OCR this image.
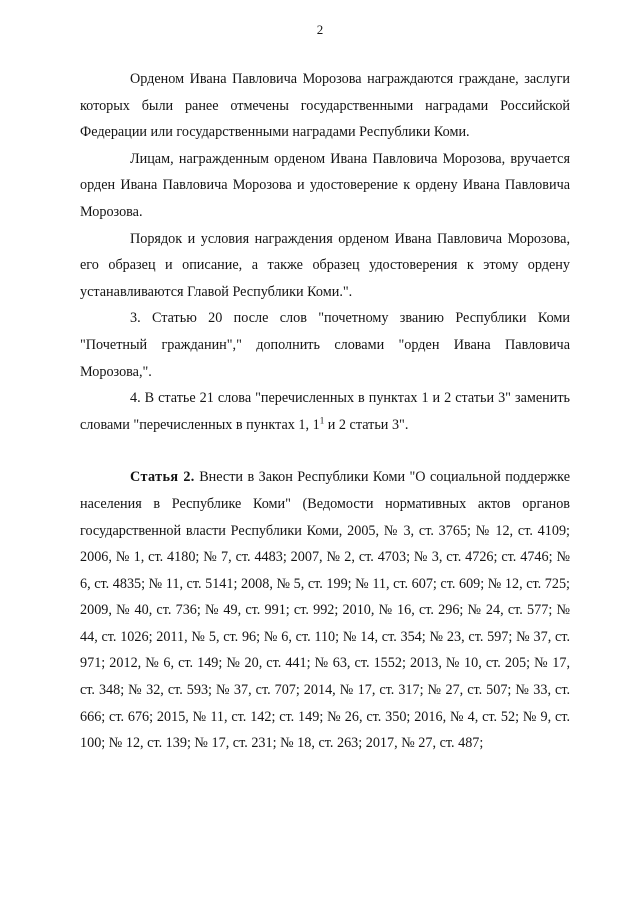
2

Орденом Ивана Павловича Морозова награждаются граждане, заслуги которых были ранее отмечены государственными наградами Российской Федерации или государственными наградами Республики Коми.

Лицам, награжденным орденом Ивана Павловича Морозова, вручается орден Ивана Павловича Морозова и удостоверение к ордену Ивана Павловича Морозова.

Порядок и условия награждения орденом Ивана Павловича Морозова, его образец и описание, а также образец удостоверения к этому ордену устанавливаются Главой Республики Коми.".

3. Статью 20 после слов "почетному званию Республики Коми "Почетный гражданин"," дополнить словами "орден Ивана Павловича Морозова,".

4. В статье 21 слова "перечисленных в пунктах 1 и 2 статьи 3" заменить словами "перечисленных в пунктах 1, $1^1$ и 2 статьи 3".

Статья 2. Внести в Закон Республики Коми "О социальной поддержке населения в Республике Коми" (Ведомости нормативных актов органов государственной власти Республики Коми, 2005, № 3, ст. 3765; № 12, ст. 4109; 2006, № 1, ст. 4180; № 7, ст. 4483; 2007, № 2, ст. 4703; № 3, ст. 4726; ст. 4746; № 6, ст. 4835; № 11, ст. 5141; 2008, № 5, ст. 199; № 11, ст. 607; ст. 609; № 12, ст. 725; 2009, № 40, ст. 736; № 49, ст. 991; ст. 992; 2010, № 16, ст. 296; № 24, ст. 577; № 44, ст. 1026; 2011, № 5, ст. 96; № 6, ст. 110; № 14, ст. 354; № 23, ст. 597; № 37, ст. 971; 2012, № 6, ст. 149; № 20, ст. 441; № 63, ст. 1552; 2013, № 10, ст. 205; № 17, ст. 348; № 32, ст. 593; № 37, ст. 707; 2014, № 17, ст. 317; № 27, ст. 507; № 33, ст. 666; ст. 676; 2015, № 11, ст. 142; ст. 149; № 26, ст. 350; 2016, № 4, ст. 52; № 9, ст. 100; № 12, ст. 139; № 17, ст. 231; № 18, ст. 263; 2017, № 27, ст. 487;
